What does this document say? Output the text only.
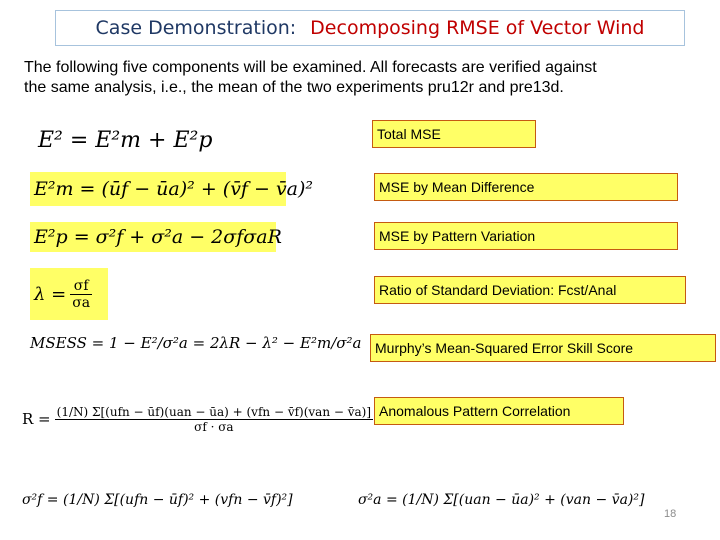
Case Demonstration: Decomposing RMSE of Vector Wind
The following five components will be examined. All forecasts are verified against
the same analysis, i.e., the mean of the two experiments pru12r and pre13d.
E² = E²m + E²p
E²m = (ūf − ūa)² + (v̄f − v̄a)²
E²p = σ²f + σ²a − 2σfσaR
$\lambda = \frac{\sigma f}{\sigma a}$
MSESS = 1 − E²/σ²a = 2λR − λ² − E²m/σ²a
$R = \frac{\text{(1/N) Σ[(ufn − ūf)(uan − ūa) + (vfn − v̄f)(van − v̄a)]}}{\sigma f \cdot \sigma a}$
σ²f = (1/N) Σ[(ufn − ūf)² + (vfn − v̄f)²]	σ²a = (1/N) Σ[(uan − ūa)² + (van − v̄a)²]
Total MSE
MSE by Mean Difference
MSE by Pattern Variation
Ratio of Standard Deviation: Fcst/Anal
Murphy’s Mean-Squared Error Skill Score
Anomalous Pattern Correlation
18
